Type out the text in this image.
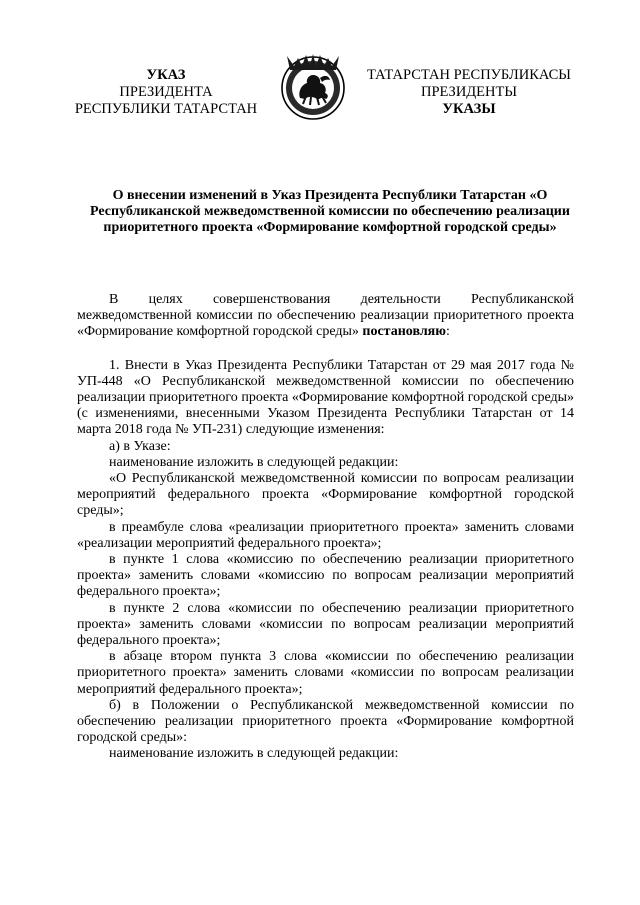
УКАЗ
ПРЕЗИДЕНТА
РЕСПУБЛИКИ ТАТАРСТАН
ТАТАРСТАН РЕСПУБЛИКАСЫ
ПРЕЗИДЕНТЫ
УКАЗЫ
О внесении изменений в Указ Президента Республики Татарстан «О Республиканской межведомственной комиссии по обеспечению реализации приоритетного проекта «Формирование комфортной городской среды»

В целях совершенствования деятельности Республиканской межведомственной комиссии по обеспечению реализации приоритетного проекта «Формирование комфортной городской среды» постановляю:

1. Внести в Указ Президента Республики Татарстан от 29 мая 2017 года № УП-448 «О Республиканской межведомственной комиссии по обеспечению реализации приоритетного проекта «Формирование комфортной городской среды» (с изменениями, внесенными Указом Президента Республики Татарстан от 14 марта 2018 года № УП-231) следующие изменения:

а) в Указе:

наименование изложить в следующей редакции:

«О Республиканской межведомственной комиссии по вопросам реализации мероприятий федерального проекта «Формирование комфортной городской среды»;

в преамбуле слова «реализации приоритетного проекта» заменить словами «реализации мероприятий федерального проекта»;

в пункте 1 слова «комиссию по обеспечению реализации приоритетного проекта» заменить словами «комиссию по вопросам реализации мероприятий федерального проекта»;

в пункте 2 слова «комиссии по обеспечению реализации приоритетного проекта» заменить словами «комиссии по вопросам реализации мероприятий федерального проекта»;

в абзаце втором пункта 3 слова «комиссии по обеспечению реализации приоритетного проекта» заменить словами «комиссии по вопросам реализации мероприятий федерального проекта»;

б) в Положении о Республиканской межведомственной комиссии по обеспечению реализации приоритетного проекта «Формирование комфортной городской среды»:

наименование изложить в следующей редакции:
